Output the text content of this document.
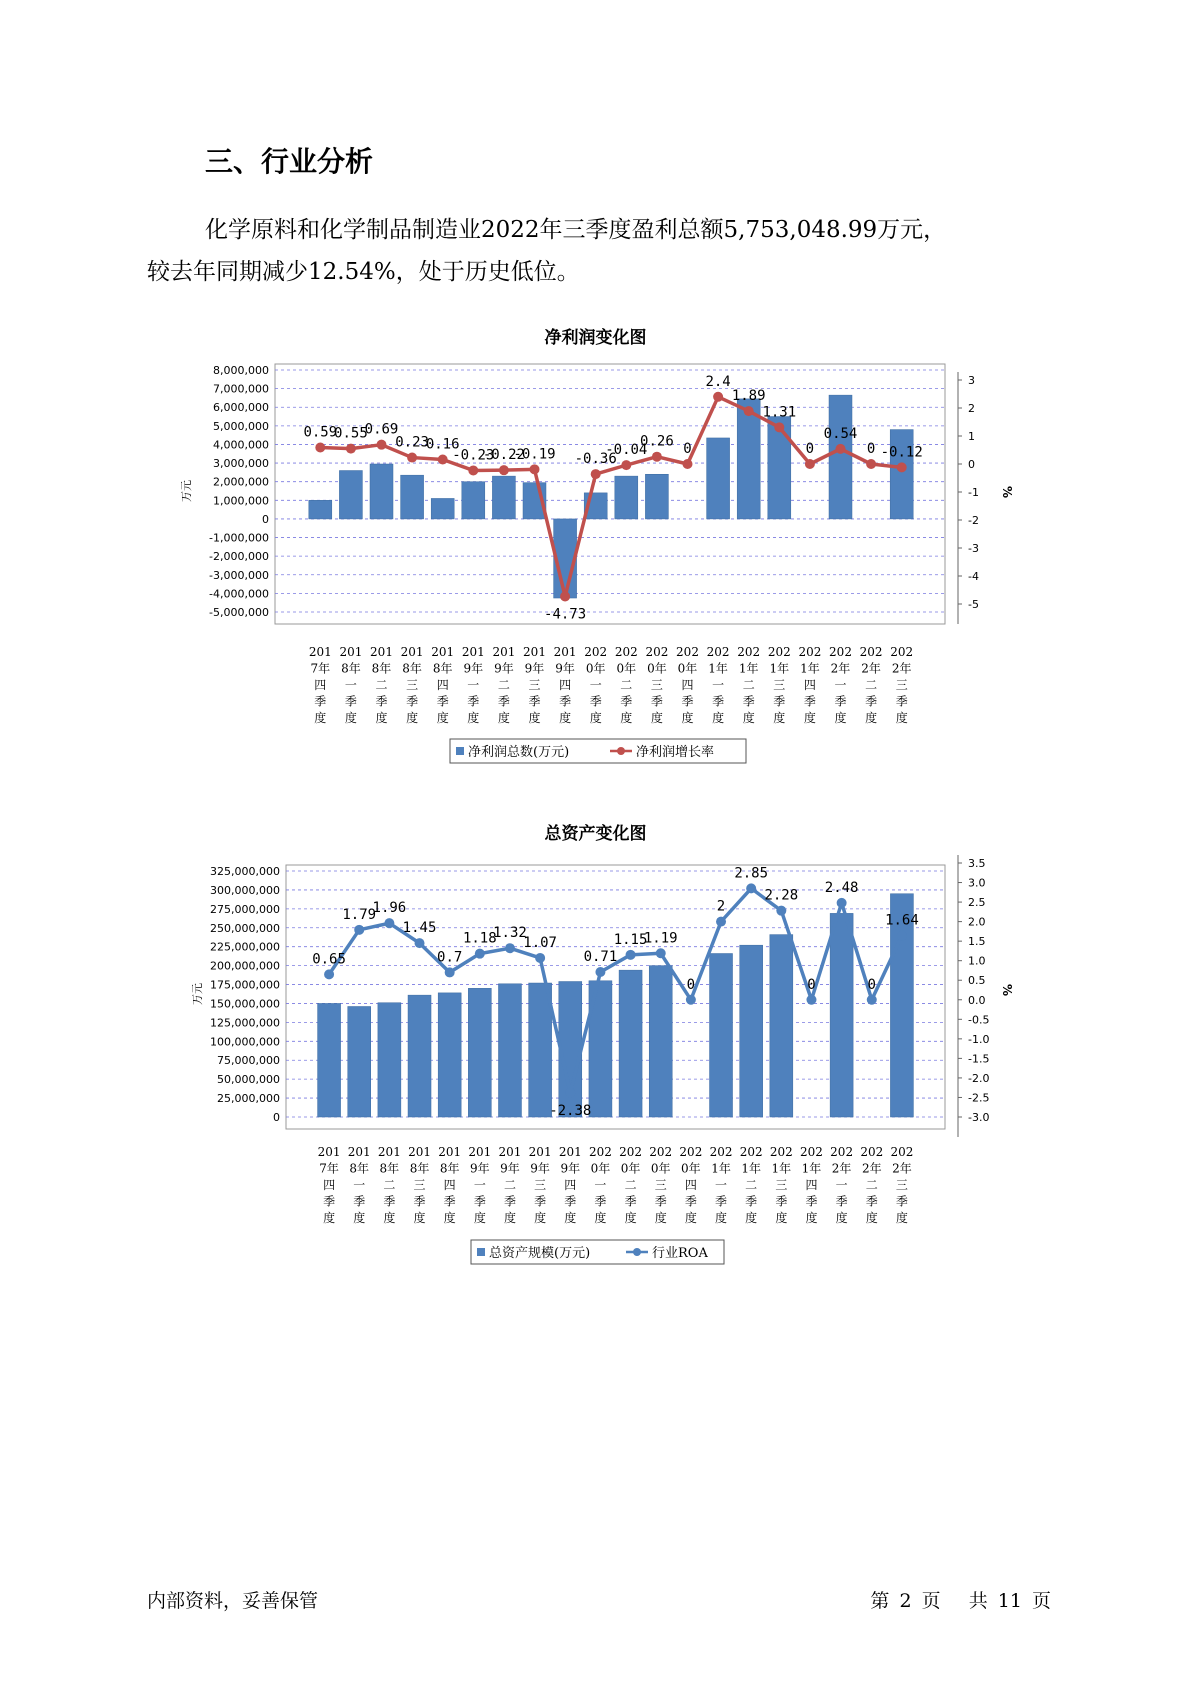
三、行业分析

化学原料和化学制品制造业2022年三季度盈利总额5,753,048.99万元，

较去年同期减少12.54%，处于历史低位。

净利润变化图
8,000,000
7,000,000
6,000,000
5,000,000
4,000,000
3,000,000
2,000,000
1,000,000
0
-1,000,000
-2,000,000
-3,000,000
-4,000,000
-5,000,000
3
2
1
0
-1
-2
-3
-4
-5
万元	%
0.59
0.55
0.69
0.23
0.16
-0.23
-0.22
-0.19
-4.73
-0.36
-0.04
0.26 0
2.4
1.89
1.31
0
0.54
0 -0.12
201 7年四季度
201 8年一季度
201 8年二季度
201 8年三季度
201 8年四季度
201 9年一季度
201 9年二季度
201 9年三季度
201 9年四季度
202 0年一季度
202 0年二季度
202 0年三季度
202 0年四季度
202 1年一季度
202 1年二季度
202 1年三季度
202 1年四季度
202 2年一季度
202 2年二季度
202 2年三季度
净利润总数(万元)	净利润增长率
总资产变化图
325,000,000
300,000,000
275,000,000
250,000,000
225,000,000
200,000,000
175,000,000
150,000,000
125,000,000
100,000,000
75,000,000
50,000,000
25,000,000
0
3.5
3.0
2.5
2.0
1.5
1.0
0.5
0.0
-0.5
-1.0
-1.5
-2.0
-2.5
-3.0
万元	%
0.65
1.79
1.96
1.45
0.7
1.18
1.32
1.07
-2.38
0.71
1.15
1.19
0
2
2.85
2.28
0
2.48
0
1.64
201 7年四季度
201 8年一季度
201 8年二季度
201 8年三季度
201 8年四季度
201 9年一季度
201 9年二季度
201 9年三季度
201 9年四季度
202 0年一季度
202 0年二季度
202 0年三季度
202 0年四季度
202 1年一季度
202 1年二季度
202 1年三季度
202 1年四季度
202 2年一季度
202 2年二季度
202 2年三季度
总资产规模(万元)	行业ROA
内部资料，妥善保管	第 2 页 共 11 页
